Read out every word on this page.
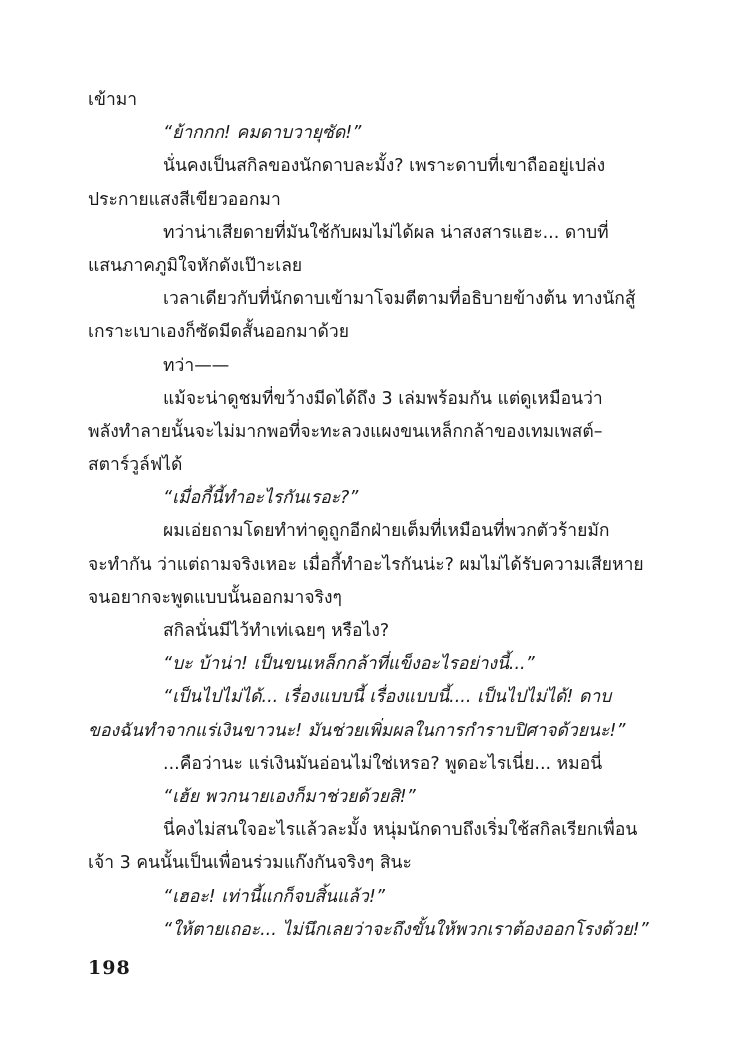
เข้ามา
“ย้ากกก! คมดาบวายุซัด!”
นั่นคงเป็นสกิลของนักดาบละมั้ง? เพราะดาบที่เขาถืออยู่เปล่ง
ประกายแสงสีเขียวออกมา
ทว่าน่าเสียดายที่มันใช้กับผมไม่ได้ผล น่าสงสารแฮะ... ดาบที่
แสนภาคภูมิใจหักดังเป๊าะเลย
เวลาเดียวกับที่นักดาบเข้ามาโจมตีตามที่อธิบายข้างต้น ทางนักสู้
เกราะเบาเองก็ซัดมีดสั้นออกมาด้วย
ทว่า——
แม้จะน่าดูชมที่ขว้างมีดได้ถึง 3 เล่มพร้อมกัน แต่ดูเหมือนว่า
พลังทำลายนั้นจะไม่มากพอที่จะทะลวงแผงขนเหล็กกล้าของเทมเพสต์–
สตาร์วูล์ฟได้
“เมื่อกี้นี้ทำอะไรกันเรอะ?”
ผมเอ่ยถามโดยทำท่าดูถูกอีกฝ่ายเต็มที่เหมือนที่พวกตัวร้ายมัก
จะทำกัน ว่าแต่ถามจริงเหอะ เมื่อกี้ทำอะไรกันน่ะ? ผมไม่ได้รับความเสียหาย
จนอยากจะพูดแบบนั้นออกมาจริงๆ
สกิลนั่นมีไว้ทำเท่เฉยๆ หรือไง?
“บะ บ้าน่า! เป็นขนเหล็กกล้าที่แข็งอะไรอย่างนี้...”
“เป็นไปไม่ได้... เรื่องแบบนี้ เรื่องแบบนี้.... เป็นไปไม่ได้! ดาบ
ของฉันทำจากแร่เงินขาวนะ! มันช่วยเพิ่มผลในการกำราบปิศาจด้วยนะ!”
...คือว่านะ แร่เงินมันอ่อนไม่ใช่เหรอ? พูดอะไรเนี่ย... หมอนี่
“เฮ้ย พวกนายเองก็มาช่วยด้วยสิ!”
นี่คงไม่สนใจอะไรแล้วละมั้ง หนุ่มนักดาบถึงเริ่มใช้สกิลเรียกเพื่อน
เจ้า 3 คนนั้นเป็นเพื่อนร่วมแก๊งกันจริงๆ สินะ
“เฮอะ! เท่านี้แกก็จบสิ้นแล้ว!”
“ให้ตายเถอะ... ไม่นึกเลยว่าจะถึงขั้นให้พวกเราต้องออกโรงด้วย!”
198
